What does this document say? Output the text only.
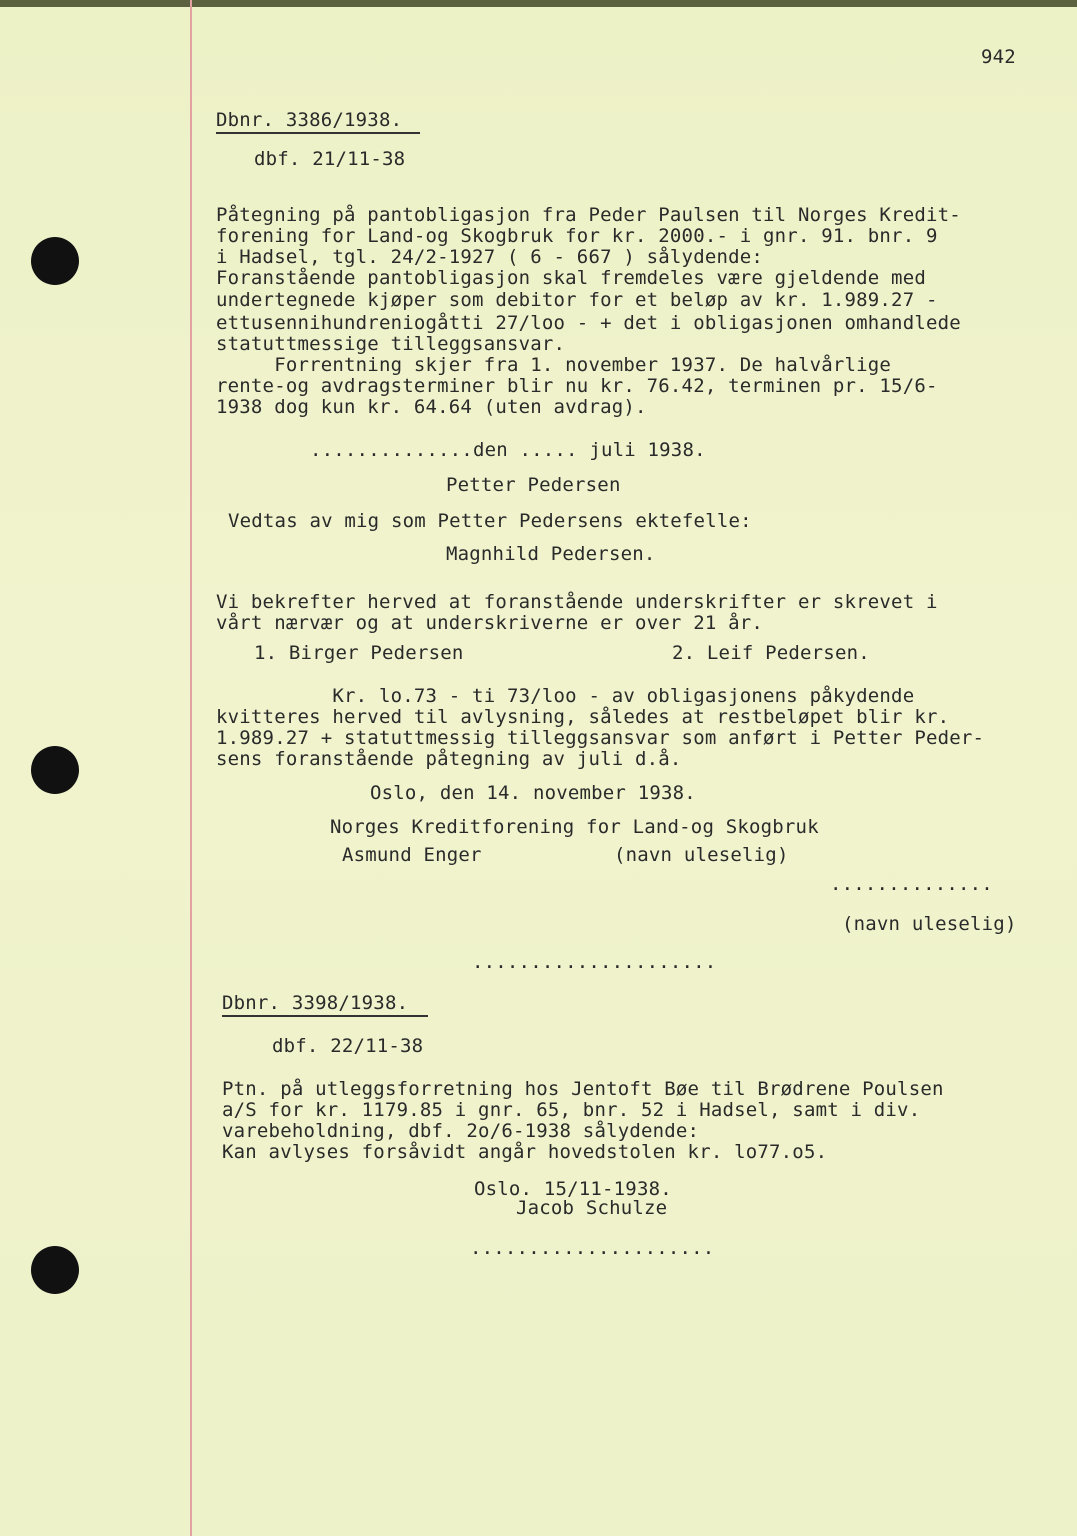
942
Dbnr. 3386/1938.
dbf. 21/11-38
Påtegning på pantobligasjon fra Peder Paulsen til Norges Kredit-
forening for Land-og Skogbruk for kr. 2000.- i gnr. 91. bnr. 9
i Hadsel, tgl. 24/2-1927 ( 6 - 667 ) sålydende:
Foranstående pantobligasjon skal fremdeles være gjeldende med
undertegnede kjøper som debitor for et beløp av kr. 1.989.27 -
ettusennihundreniogåtti 27/loo - + det i obligasjonen omhandlede
statuttmessige tilleggsansvar.
Forrentning skjer fra 1. november 1937. De halvårlige
rente-og avdragsterminer blir nu kr. 76.42, terminen pr. 15/6-
1938 dog kun kr. 64.64 (uten avdrag).
..............den ..... juli 1938.
Petter Pedersen
Vedtas av mig som Petter Pedersens ektefelle:
Magnhild Pedersen.
Vi bekrefter herved at foranstående underskrifter er skrevet i
vårt nærvær og at underskriverne er over 21 år.
1. Birger Pedersen	2. Leif Pedersen.
Kr. lo.73 - ti 73/loo - av obligasjonens påkydende
kvitteres herved til avlysning, således at restbeløpet blir kr.
1.989.27 + statuttmessig tilleggsansvar som anført i Petter Peder-
sens foranstående påtegning av juli d.å.
Oslo, den 14. november 1938.
Norges Kreditforening for Land-og Skogbruk
Asmund Enger	(navn uleselig)
..............
(navn uleselig)
.....................
Dbnr. 3398/1938.
dbf. 22/11-38
Ptn. på utleggsforretning hos Jentoft Bøe til Brødrene Poulsen
a/S for kr. 1179.85 i gnr. 65, bnr. 52 i Hadsel, samt i div.
varebeholdning, dbf. 2o/6-1938 sålydende:
Kan avlyses forsåvidt angår hovedstolen kr. lo77.o5.
Oslo. 15/11-1938.
Jacob Schulze
.....................
